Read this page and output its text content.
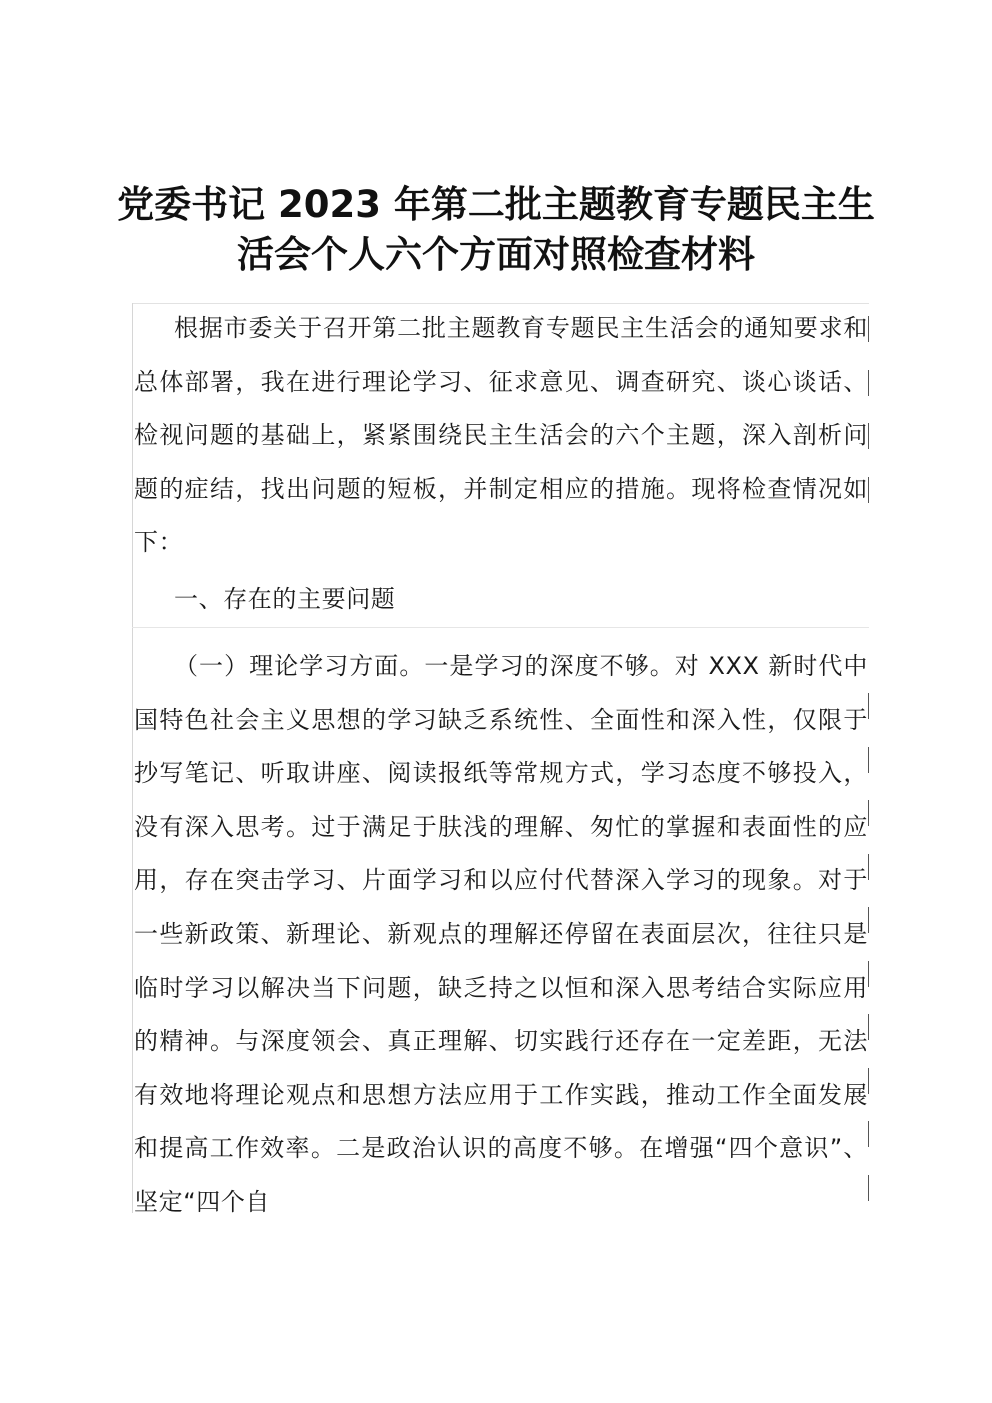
党委书记 2023 年第二批主题教育专题民主生
活会个人六个方面对照检查材料

根据市委关于召开第二批主题教育专题民主生活会的通知要求和总体部署，我在进行理论学习、征求意见、调查研究、谈心谈话、检视问题的基础上，紧紧围绕民主生活会的六个主题，深入剖析问题的症结，找出问题的短板，并制定相应的措施。现将检查情况如下：

一、存在的主要问题

（一）理论学习方面。一是学习的深度不够。对 XXX 新时代中国特色社会主义思想的学习缺乏系统性、全面性和深入性，仅限于抄写笔记、听取讲座、阅读报纸等常规方式，学习态度不够投入，没有深入思考。过于满足于肤浅的理解、匆忙的掌握和表面性的应用，存在突击学习、片面学习和以应付代替深入学习的现象。对于一些新政策、新理论、新观点的理解还停留在表面层次，往往只是临时学习以解决当下问题，缺乏持之以恒和深入思考结合实际应用的精神。与深度领会、真正理解、切实践行还存在一定差距，无法有效地将理论观点和思想方法应用于工作实践，推动工作全面发展和提高工作效率。二是政治认识的高度不够。在增强“四个意识”、坚定“四个自
